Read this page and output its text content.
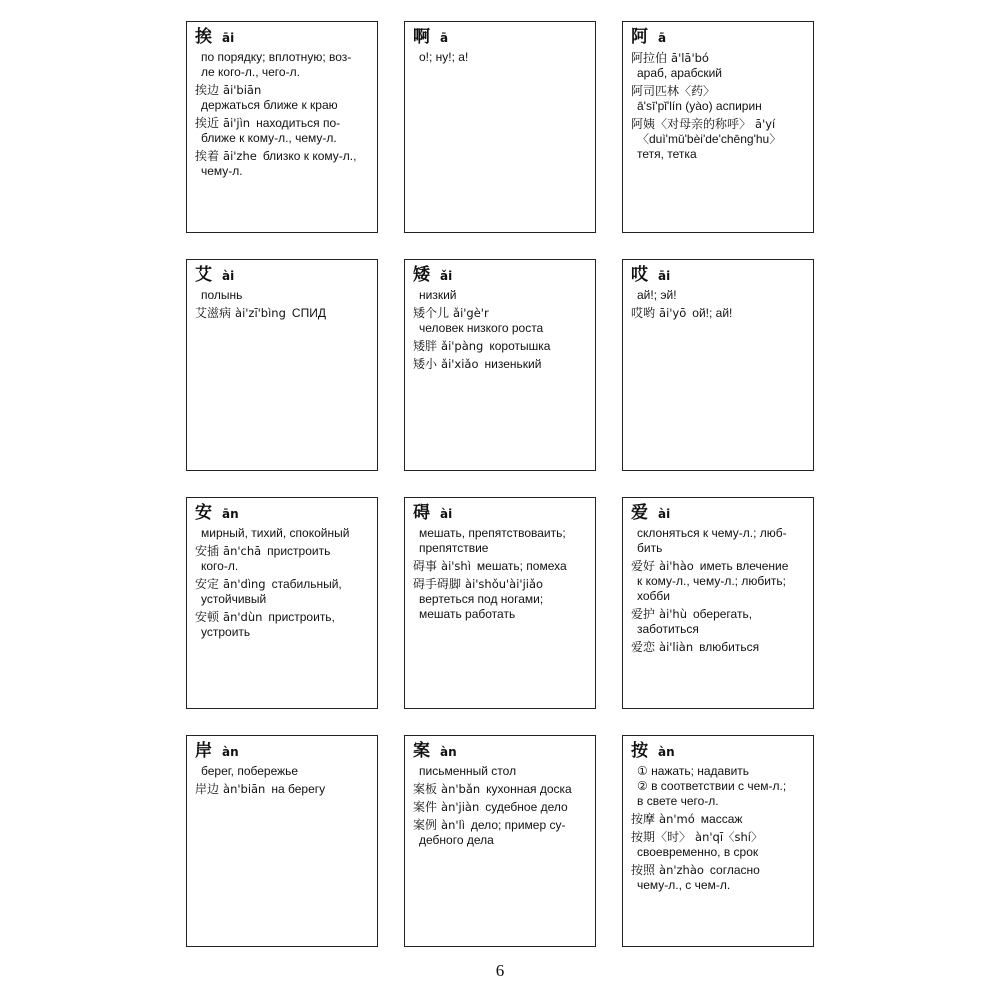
挨 āi
по порядку; вплотную; воз-
ле кого-л., чего-л.
挨边 āi'biān
держаться ближе к краю
挨近 āi'jìn находиться по-
ближе к кому-л., чему-л.
挨着 āi'zhe близко к кому-л.,
чему-л.
啊 ā
о!; ну!; а!
阿 ā
阿拉伯 ā'lā'bó
араб, арабский
阿司匹林〈药〉
ā'sī'pǐ'lín (yào) аспирин
阿姨〈对母亲的称呼〉 ā'yí
〈duì'mǔ'bèi'de'chēng'hu〉
тетя, тетка
艾 ài
полынь
艾滋病 ài'zī'bìng СПИД
矮 ǎi
низкий
矮个儿 ǎi'gè'r
человек низкого роста
矮胖 ǎi'pàng коротышка
矮小 ǎi'xiǎo низенький
哎 āi
ай!; эй!
哎哟 āi'yō ой!; ай!
安 ān
мирный, тихий, спокойный
安插 ān'chā пристроить
кого-л.
安定 ān'dìng стабильный,
устойчивый
安顿 ān'dùn пристроить,
устроить
碍 ài
мешать, препятствоваить;
препятствие
碍事 ài'shì мешать; помеха
碍手碍脚 ài'shǒu'ài'jiǎo
вертеться под ногами;
мешать работать
爱 ài
склоняться к чему-л.; люб-
бить
爱好 ài'hào иметь влечение
к кому-л., чему-л.; любить;
хобби
爱护 ài'hù оберегать,
заботиться
爱恋 ài'liàn влюбиться
岸 àn
берег, побережье
岸边 àn'biān на берегу
案 àn
письменный стол
案板 àn'bǎn кухонная доска
案件 àn'jiàn судебное дело
案例 àn'lì дело; пример су-
дебного дела
按 àn
① нажать; надавить
② в соответствии с чем-л.;
в свете чего-л.
按摩 àn'mó массаж
按期〈时〉 àn'qī〈shí〉
своевременно, в срок
按照 àn'zhào согласно
чему-л., с чем-л.
6
